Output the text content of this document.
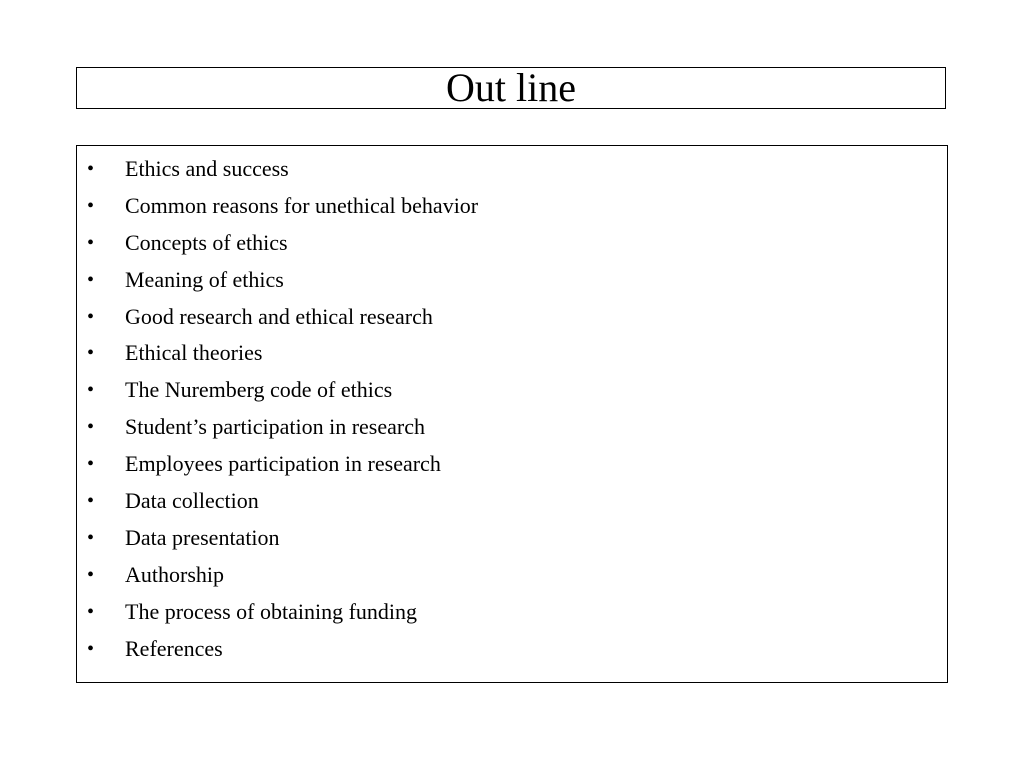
Out line
• Ethics and success
• Common reasons for unethical behavior
• Concepts of ethics
• Meaning of ethics
• Good research and ethical research
• Ethical theories
• The Nuremberg code of ethics
• Student’s participation in research
• Employees participation in research
• Data collection
• Data presentation
• Authorship
• The process of obtaining funding
• References
